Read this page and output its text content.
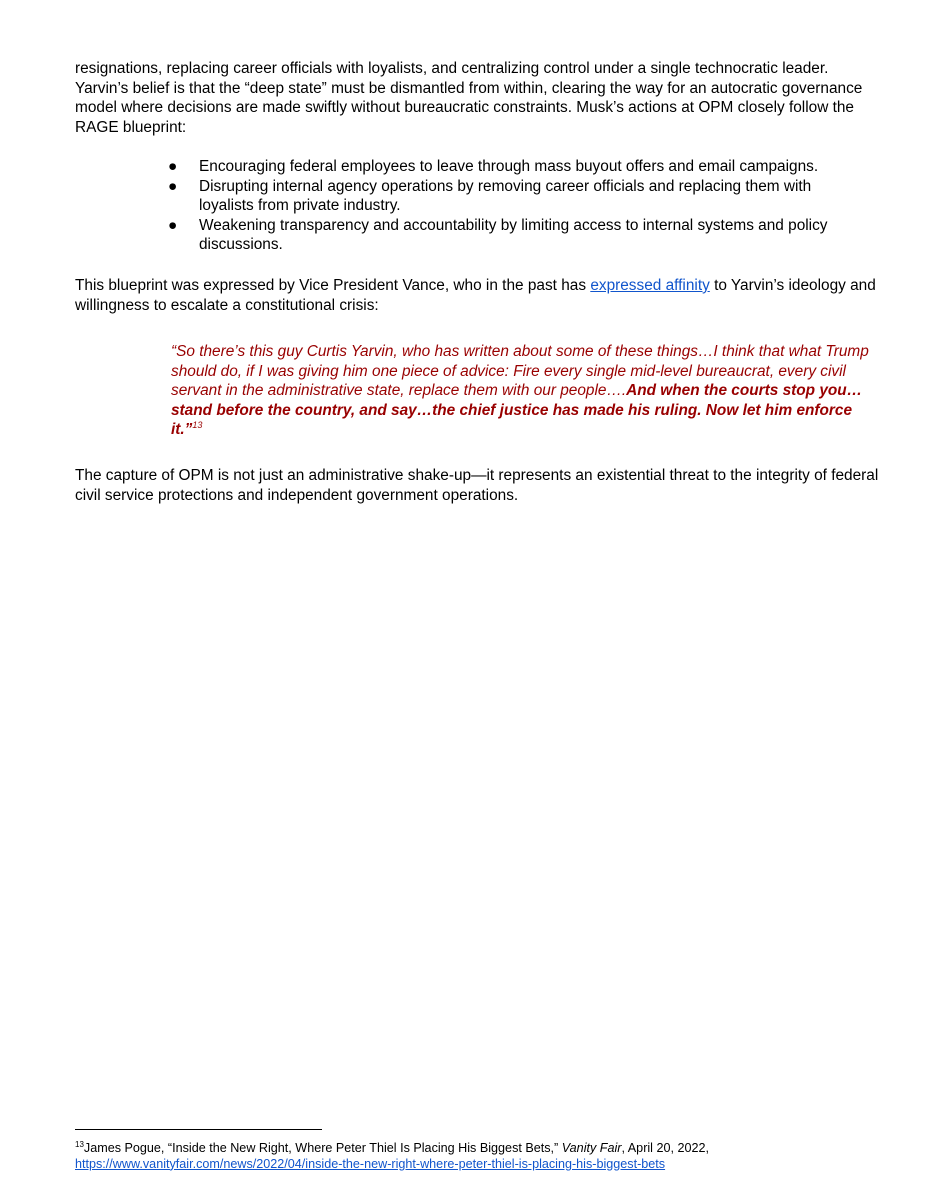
resignations, replacing career officials with loyalists, and centralizing control under a single technocratic leader. Yarvin’s belief is that the “deep state” must be dismantled from within, clearing the way for an autocratic governance model where decisions are made swiftly without bureaucratic constraints. Musk’s actions at OPM closely follow the RAGE blueprint:

● Encouraging federal employees to leave through mass buyout offers and email campaigns.
● Disrupting internal agency operations by removing career officials and replacing them with loyalists from private industry.
● Weakening transparency and accountability by limiting access to internal systems and policy discussions.

This blueprint was expressed by Vice President Vance, who in the past has expressed affinity to Yarvin’s ideology and willingness to escalate a constitutional crisis:

“So there’s this guy Curtis Yarvin, who has written about some of these things…I think that what Trump should do, if I was giving him one piece of advice: Fire every single mid-level bureaucrat, every civil servant in the administrative state, replace them with our people….And when the courts stop you…stand before the country, and say…the chief justice has made his ruling. Now let him enforce it.”$^{13}$

The capture of OPM is not just an administrative shake-up—it represents an existential threat to the integrity of federal civil service protections and independent government operations.

$^{13}$James Pogue, “Inside the New Right, Where Peter Thiel Is Placing His Biggest Bets,” Vanity Fair, April 20, 2022,
https://www.vanityfair.com/news/2022/04/inside-the-new-right-where-peter-thiel-is-placing-his-biggest-bets
